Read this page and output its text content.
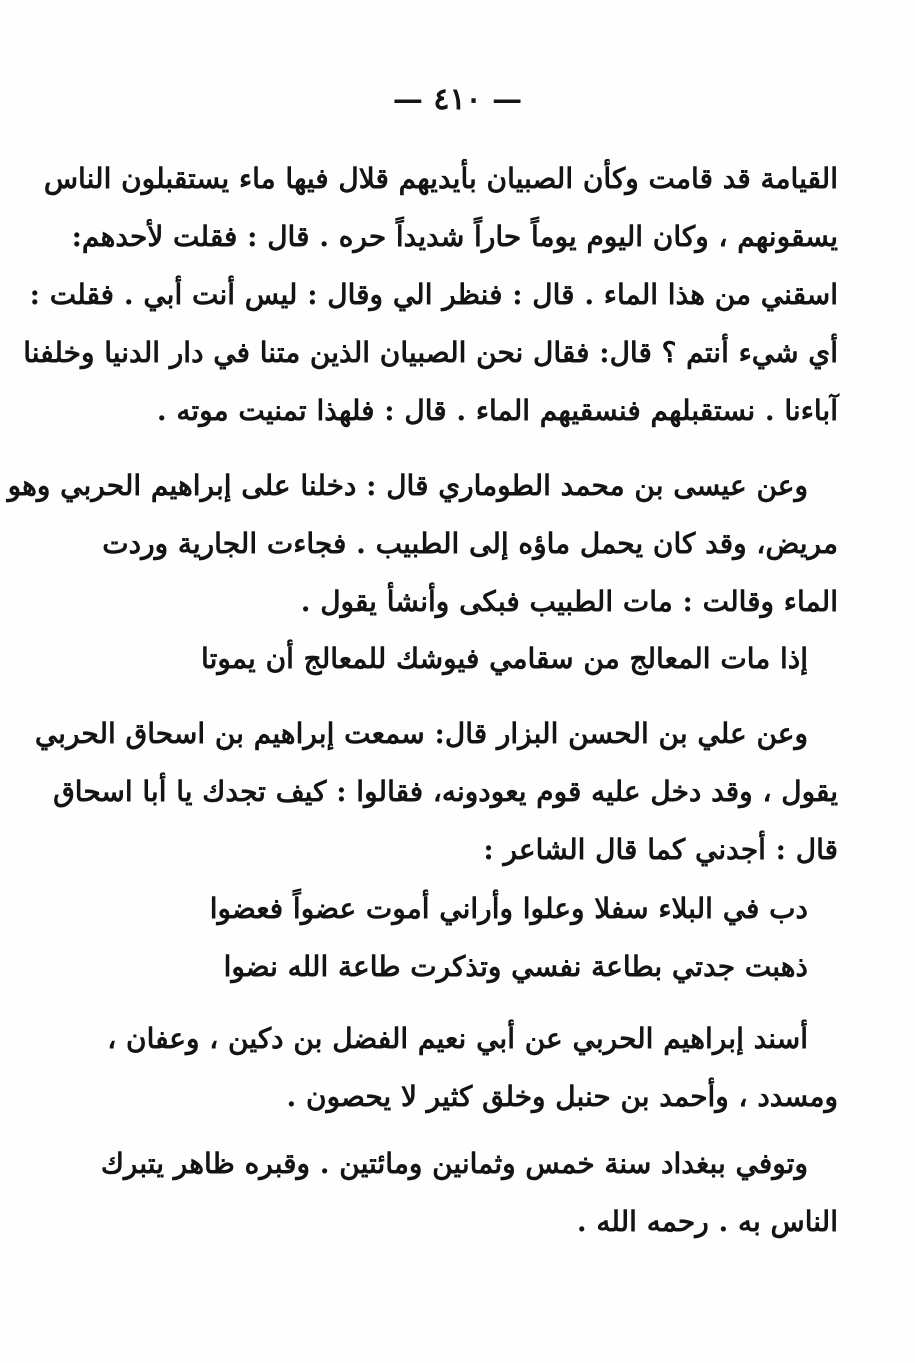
— ٤١٠ —
القيامة قد قامت وكأن الصبيان بأيديهم قلال فيها ماء يستقبلون الناس
يسقونهم ، وكان اليوم يوماً حاراً شديداً حره . قال : فقلت لأحدهم:
اسقني من هذا الماء . قال : فنظر الي وقال : ليس أنت أبي . فقلت :
أي شيء أنتم ؟ قال: فقال نحن الصبيان الذين متنا في دار الدنيا وخلفنا
آباءنا . نستقبلهم فنسقيهم الماء . قال : فلهذا تمنيت موته .
وعن عيسى بن محمد الطوماري قال : دخلنا على إبراهيم الحربي وهو
مريض، وقد كان يحمل ماؤه إلى الطبيب . فجاءت الجارية وردت
الماء وقالت : مات الطبيب فبكى وأنشأ يقول .
إذا مات المعالج من سقامي فيوشك للمعالج أن يموتا
وعن علي بن الحسن البزار قال: سمعت إبراهيم بن اسحاق الحربي
يقول ، وقد دخل عليه قوم يعودونه، فقالوا : كيف تجدك يا أبا اسحاق
قال : أجدني كما قال الشاعر :
دب في البلاء سفلا وعلوا وأراني أموت عضواً فعضوا
ذهبت جدتي بطاعة نفسي وتذكرت طاعة الله نضوا
أسند إبراهيم الحربي عن أبي نعيم الفضل بن دكين ، وعفان ،
ومسدد ، وأحمد بن حنبل وخلق كثير لا يحصون .
وتوفي ببغداد سنة خمس وثمانين ومائتين . وقبره ظاهر يتبرك
الناس به . رحمه الله .
